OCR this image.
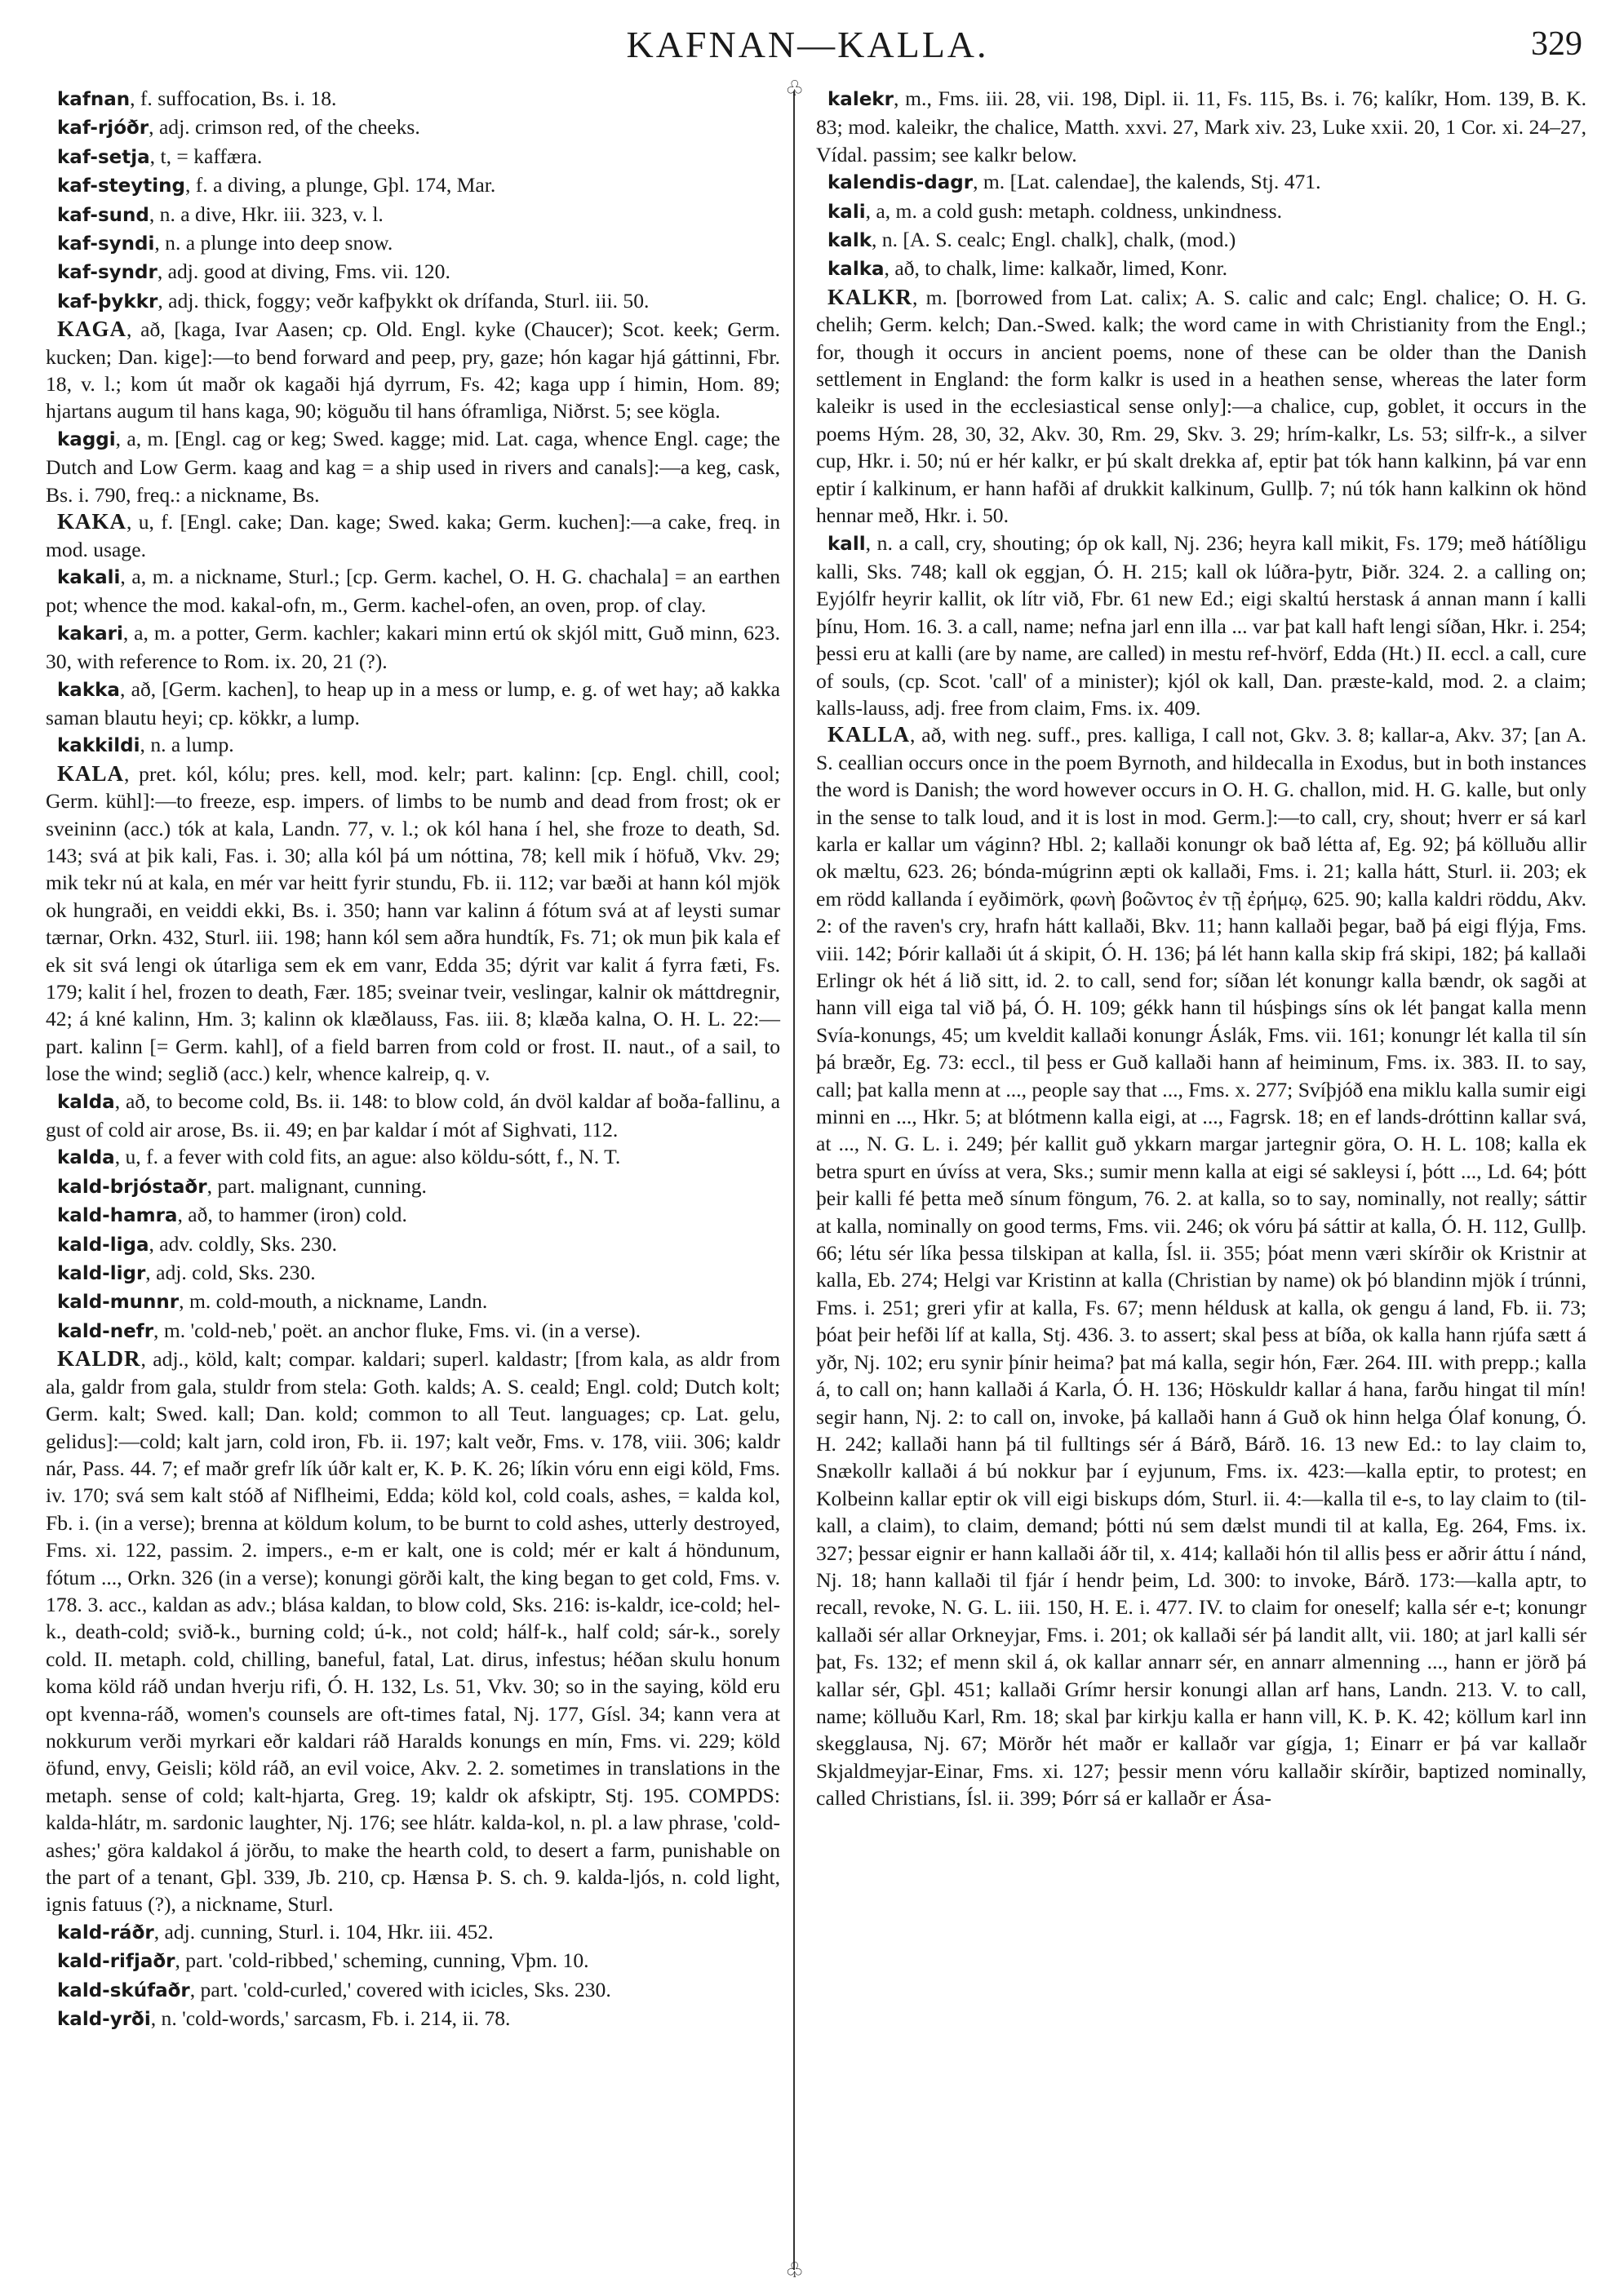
KAFNAN—KALLA.	329
♧
♧

kafnan, f. suffocation, Bs. i. 18.

kaf-rjóðr, adj. crimson red, of the cheeks.

kaf-setja, t, = kaffæra.

kaf-steyting, f. a diving, a plunge, Gþl. 174, Mar.

kaf-sund, n. a dive, Hkr. iii. 323, v. l.

kaf-syndi, n. a plunge into deep snow.

kaf-syndr, adj. good at diving, Fms. vii. 120.

kaf-þykkr, adj. thick, foggy; veðr kafþykkt ok drífanda, Sturl. iii. 50.

KAGA, að, [kaga, Ivar Aasen; cp. Old. Engl. kyke (Chaucer); Scot. keek; Germ. kucken; Dan. kige]:—to bend forward and peep, pry, gaze; hón kagar hjá gáttinni, Fbr. 18, v. l.; kom út maðr ok kagaði hjá dyrrum, Fs. 42; kaga upp í himin, Hom. 89; hjartans augum til hans kaga, 90; köguðu til hans óframliga, Niðrst. 5; see kögla.

kaggi, a, m. [Engl. cag or keg; Swed. kagge; mid. Lat. caga, whence Engl. cage; the Dutch and Low Germ. kaag and kag = a ship used in rivers and canals]:—a keg, cask, Bs. i. 790, freq.: a nickname, Bs.

KAKA, u, f. [Engl. cake; Dan. kage; Swed. kaka; Germ. kuchen]:—a cake, freq. in mod. usage.

kakali, a, m. a nickname, Sturl.; [cp. Germ. kachel, O. H. G. chachala] = an earthen pot; whence the mod. kakal-ofn, m., Germ. kachel-ofen, an oven, prop. of clay.

kakari, a, m. a potter, Germ. kachler; kakari minn ertú ok skjól mitt, Guð minn, 623. 30, with reference to Rom. ix. 20, 21 (?).

kakka, að, [Germ. kachen], to heap up in a mess or lump, e. g. of wet hay; að kakka saman blautu heyi; cp. kökkr, a lump.

kakkildi, n. a lump.

KALA, pret. kól, kólu; pres. kell, mod. kelr; part. kalinn: [cp. Engl. chill, cool; Germ. kühl]:—to freeze, esp. impers. of limbs to be numb and dead from frost; ok er sveininn (acc.) tók at kala, Landn. 77, v. l.; ok kól hana í hel, she froze to death, Sd. 143; svá at þik kali, Fas. i. 30; alla kól þá um nóttina, 78; kell mik í höfuð, Vkv. 29; mik tekr nú at kala, en mér var heitt fyrir stundu, Fb. ii. 112; var bæði at hann kól mjök ok hungraði, en veiddi ekki, Bs. i. 350; hann var kalinn á fótum svá at af leysti sumar tærnar, Orkn. 432, Sturl. iii. 198; hann kól sem aðra hundtík, Fs. 71; ok mun þik kala ef ek sit svá lengi ok útarliga sem ek em vanr, Edda 35; dýrit var kalit á fyrra fæti, Fs. 179; kalit í hel, frozen to death, Fær. 185; sveinar tveir, veslingar, kalnir ok máttdregnir, 42; á kné kalinn, Hm. 3; kalinn ok klæðlauss, Fas. iii. 8; klæða kalna, O. H. L. 22:—part. kalinn [= Germ. kahl], of a field barren from cold or frost. II. naut., of a sail, to lose the wind; seglið (acc.) kelr, whence kalreip, q. v.

kalda, að, to become cold, Bs. ii. 148: to blow cold, án dvöl kaldar af boða-fallinu, a gust of cold air arose, Bs. ii. 49; en þar kaldar í mót af Sighvati, 112.

kalda, u, f. a fever with cold fits, an ague: also köldu-sótt, f., N. T.

kald-brjóstaðr, part. malignant, cunning.

kald-hamra, að, to hammer (iron) cold.

kald-liga, adv. coldly, Sks. 230.

kald-ligr, adj. cold, Sks. 230.

kald-munnr, m. cold-mouth, a nickname, Landn.

kald-nefr, m. 'cold-neb,' poët. an anchor fluke, Fms. vi. (in a verse).

KALDR, adj., köld, kalt; compar. kaldari; superl. kaldastr; [from kala, as aldr from ala, galdr from gala, stuldr from stela: Goth. kalds; A. S. ceald; Engl. cold; Dutch kolt; Germ. kalt; Swed. kall; Dan. kold; common to all Teut. languages; cp. Lat. gelu, gelidus]:—cold; kalt jarn, cold iron, Fb. ii. 197; kalt veðr, Fms. v. 178, viii. 306; kaldr nár, Pass. 44. 7; ef maðr grefr lík úðr kalt er, K. Þ. K. 26; líkin vóru enn eigi köld, Fms. iv. 170; svá sem kalt stóð af Niflheimi, Edda; köld kol, cold coals, ashes, = kalda kol, Fb. i. (in a verse); brenna at köldum kolum, to be burnt to cold ashes, utterly destroyed, Fms. xi. 122, passim. 2. impers., e-m er kalt, one is cold; mér er kalt á höndunum, fótum ..., Orkn. 326 (in a verse); konungi görði kalt, the king began to get cold, Fms. v. 178. 3. acc., kaldan as adv.; blása kaldan, to blow cold, Sks. 216: is-kaldr, ice-cold; hel-k., death-cold; svið-k., burning cold; ú-k., not cold; hálf-k., half cold; sár-k., sorely cold. II. metaph. cold, chilling, baneful, fatal, Lat. dirus, infestus; héðan skulu honum koma köld ráð undan hverju rifi, Ó. H. 132, Ls. 51, Vkv. 30; so in the saying, köld eru opt kvenna-ráð, women's counsels are oft-times fatal, Nj. 177, Gísl. 34; kann vera at nokkurum verði myrkari eðr kaldari ráð Haralds konungs en mín, Fms. vi. 229; köld öfund, envy, Geisli; köld ráð, an evil voice, Akv. 2. 2. sometimes in translations in the metaph. sense of cold; kalt-hjarta, Greg. 19; kaldr ok afskiptr, Stj. 195. COMPDS: kalda-hlátr, m. sardonic laughter, Nj. 176; see hlátr. kalda-kol, n. pl. a law phrase, 'cold-ashes;' göra kaldakol á jörðu, to make the hearth cold, to desert a farm, punishable on the part of a tenant, Gþl. 339, Jb. 210, cp. Hænsa Þ. S. ch. 9. kalda-ljós, n. cold light, ignis fatuus (?), a nickname, Sturl.

kald-ráðr, adj. cunning, Sturl. i. 104, Hkr. iii. 452.

kald-rifjaðr, part. 'cold-ribbed,' scheming, cunning, Vþm. 10.

kald-skúfaðr, part. 'cold-curled,' covered with icicles, Sks. 230.

kald-yrði, n. 'cold-words,' sarcasm, Fb. i. 214, ii. 78.

kalekr, m., Fms. iii. 28, vii. 198, Dipl. ii. 11, Fs. 115, Bs. i. 76; kalíkr, Hom. 139, B. K. 83; mod. kaleikr, the chalice, Matth. xxvi. 27, Mark xiv. 23, Luke xxii. 20, 1 Cor. xi. 24–27, Vídal. passim; see kalkr below.

kalendis-dagr, m. [Lat. calendae], the kalends, Stj. 471.

kali, a, m. a cold gush: metaph. coldness, unkindness.

kalk, n. [A. S. cealc; Engl. chalk], chalk, (mod.)

kalka, að, to chalk, lime: kalkaðr, limed, Konr.

KALKR, m. [borrowed from Lat. calix; A. S. calic and calc; Engl. chalice; O. H. G. chelih; Germ. kelch; Dan.-Swed. kalk; the word came in with Christianity from the Engl.; for, though it occurs in ancient poems, none of these can be older than the Danish settlement in England: the form kalkr is used in a heathen sense, whereas the later form kaleikr is used in the ecclesiastical sense only]:—a chalice, cup, goblet, it occurs in the poems Hým. 28, 30, 32, Akv. 30, Rm. 29, Skv. 3. 29; hrím-kalkr, Ls. 53; silfr-k., a silver cup, Hkr. i. 50; nú er hér kalkr, er þú skalt drekka af, eptir þat tók hann kalkinn, þá var enn eptir í kalkinum, er hann hafði af drukkit kalkinum, Gullþ. 7; nú tók hann kalkinn ok hönd hennar með, Hkr. i. 50.

kall, n. a call, cry, shouting; óp ok kall, Nj. 236; heyra kall mikit, Fs. 179; með hátíðligu kalli, Sks. 748; kall ok eggjan, Ó. H. 215; kall ok lúðra-þytr, Þiðr. 324. 2. a calling on; Eyjólfr heyrir kallit, ok lítr við, Fbr. 61 new Ed.; eigi skaltú herstask á annan mann í kalli þínu, Hom. 16. 3. a call, name; nefna jarl enn illa ... var þat kall haft lengi síðan, Hkr. i. 254; þessi eru at kalli (are by name, are called) in mestu ref-hvörf, Edda (Ht.) II. eccl. a call, cure of souls, (cp. Scot. 'call' of a minister); kjól ok kall, Dan. præste-kald, mod. 2. a claim; kalls-lauss, adj. free from claim, Fms. ix. 409.

KALLA, að, with neg. suff., pres. kalliga, I call not, Gkv. 3. 8; kallar-a, Akv. 37; [an A. S. ceallian occurs once in the poem Byrnoth, and hildecalla in Exodus, but in both instances the word is Danish; the word however occurs in O. H. G. challon, mid. H. G. kalle, but only in the sense to talk loud, and it is lost in mod. Germ.]:—to call, cry, shout; hverr er sá karl karla er kallar um váginn? Hbl. 2; kallaði konungr ok bað létta af, Eg. 92; þá kölluðu allir ok mæltu, 623. 26; bónda-múgrinn æpti ok kallaði, Fms. i. 21; kalla hátt, Sturl. ii. 203; ek em rödd kallanda í eyðimörk, φωνὴ βοῶντος ἐν τῇ ἐρήμῳ, 625. 90; kalla kaldri röddu, Akv. 2: of the raven's cry, hrafn hátt kallaði, Bkv. 11; hann kallaði þegar, bað þá eigi flýja, Fms. viii. 142; Þórir kallaði út á skipit, Ó. H. 136; þá lét hann kalla skip frá skipi, 182; þá kallaði Erlingr ok hét á lið sitt, id. 2. to call, send for; síðan lét konungr kalla bændr, ok sagði at hann vill eiga tal við þá, Ó. H. 109; gékk hann til húsþings síns ok lét þangat kalla menn Svía-konungs, 45; um kveldit kallaði konungr Áslák, Fms. vii. 161; konungr lét kalla til sín þá bræðr, Eg. 73: eccl., til þess er Guð kallaði hann af heiminum, Fms. ix. 383. II. to say, call; þat kalla menn at ..., people say that ..., Fms. x. 277; Svíþjóð ena miklu kalla sumir eigi minni en ..., Hkr. 5; at blótmenn kalla eigi, at ..., Fagrsk. 18; en ef lands-dróttinn kallar svá, at ..., N. G. L. i. 249; þér kallit guð ykkarn margar jartegnir göra, O. H. L. 108; kalla ek betra spurt en úvíss at vera, Sks.; sumir menn kalla at eigi sé sakleysi í, þótt ..., Ld. 64; þótt þeir kalli fé þetta með sínum föngum, 76. 2. at kalla, so to say, nominally, not really; sáttir at kalla, nominally on good terms, Fms. vii. 246; ok vóru þá sáttir at kalla, Ó. H. 112, Gullþ. 66; létu sér líka þessa tilskipan at kalla, Ísl. ii. 355; þóat menn væri skírðir ok Kristnir at kalla, Eb. 274; Helgi var Kristinn at kalla (Christian by name) ok þó blandinn mjök í trúnni, Fms. i. 251; greri yfir at kalla, Fs. 67; menn héldusk at kalla, ok gengu á land, Fb. ii. 73; þóat þeir hefði líf at kalla, Stj. 436. 3. to assert; skal þess at bíða, ok kalla hann rjúfa sætt á yðr, Nj. 102; eru synir þínir heima? þat má kalla, segir hón, Fær. 264. III. with prepp.; kalla á, to call on; hann kallaði á Karla, Ó. H. 136; Höskuldr kallar á hana, farðu hingat til mín! segir hann, Nj. 2: to call on, invoke, þá kallaði hann á Guð ok hinn helga Ólaf konung, Ó. H. 242; kallaði hann þá til fulltings sér á Bárð, Bárð. 16. 13 new Ed.: to lay claim to, Snækollr kallaði á bú nokkur þar í eyjunum, Fms. ix. 423:—kalla eptir, to protest; en Kolbeinn kallar eptir ok vill eigi biskups dóm, Sturl. ii. 4:—kalla til e-s, to lay claim to (til-kall, a claim), to claim, demand; þótti nú sem dælst mundi til at kalla, Eg. 264, Fms. ix. 327; þessar eignir er hann kallaði áðr til, x. 414; kallaði hón til allis þess er aðrir áttu í nánd, Nj. 18; hann kallaði til fjár í hendr þeim, Ld. 300: to invoke, Bárð. 173:—kalla aptr, to recall, revoke, N. G. L. iii. 150, H. E. i. 477. IV. to claim for oneself; kalla sér e-t; konungr kallaði sér allar Orkneyjar, Fms. i. 201; ok kallaði sér þá landit allt, vii. 180; at jarl kalli sér þat, Fs. 132; ef menn skil á, ok kallar annarr sér, en annarr almenning ..., hann er jörð þá kallar sér, Gþl. 451; kallaði Grímr hersir konungi allan arf hans, Landn. 213. V. to call, name; kölluðu Karl, Rm. 18; skal þar kirkju kalla er hann vill, K. Þ. K. 42; köllum karl inn skegglausa, Nj. 67; Mörðr hét maðr er kallaðr var gígja, 1; Einarr er þá var kallaðr Skjaldmeyjar-Einar, Fms. xi. 127; þessir menn vóru kallaðir skírðir, baptized nominally, called Christians, Ísl. ii. 399; Þórr sá er kallaðr er Ása-
